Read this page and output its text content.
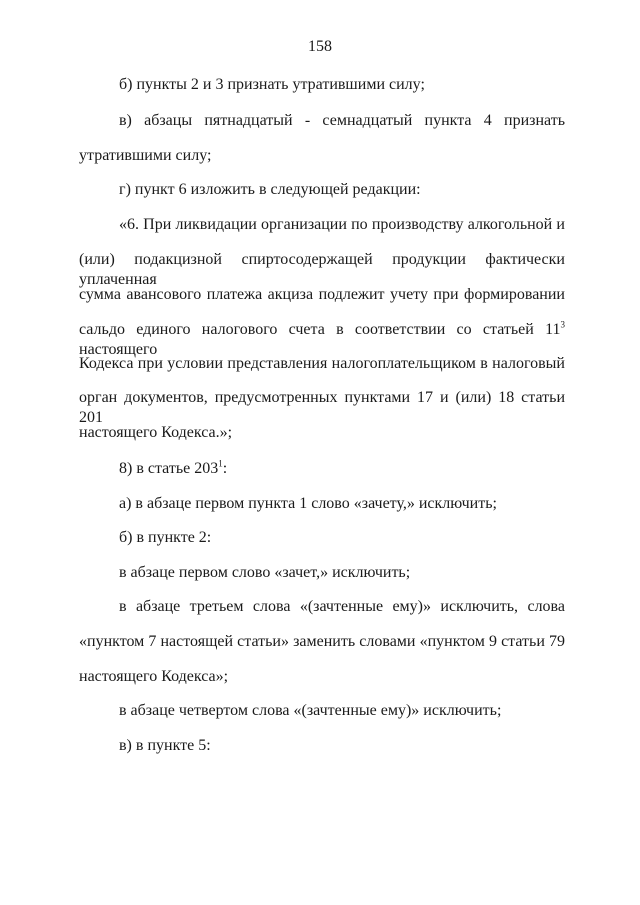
158
б) пункты 2 и 3 признать утратившими силу;
в) абзацы пятнадцатый - семнадцатый пункта 4 признать
утратившими силу;
г) пункт 6 изложить в следующей редакции:
«6. При ликвидации организации по производству алкогольной и
(или) подакцизной спиртосодержащей продукции фактически уплаченная
сумма авансового платежа акциза подлежит учету при формировании
сальдо единого налогового счета в соответствии со статьей $11^3$ настоящего
Кодекса при условии представления налогоплательщиком в налоговый
орган документов, предусмотренных пунктами 17 и (или) 18 статьи 201
настоящего Кодекса.»;
8) в статье $203^1$:
а) в абзаце первом пункта 1 слово «зачету,» исключить;
б) в пункте 2:
в абзаце первом слово «зачет,» исключить;
в абзаце третьем слова «(зачтенные ему)» исключить, слова
«пунктом 7 настоящей статьи» заменить словами «пунктом 9 статьи 79
настоящего Кодекса»;
в абзаце четвертом слова «(зачтенные ему)» исключить;
в) в пункте 5:
